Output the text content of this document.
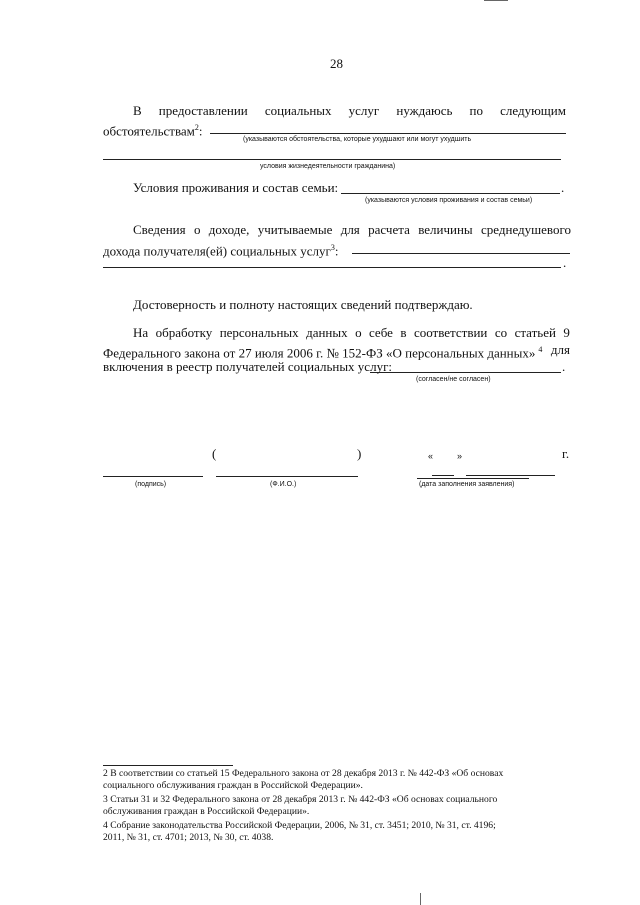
28
В предоставлении социальных услуг нуждаюсь по следующим
обстоятельствам$^2$:
(указываются обстоятельства, которые ухудшают или могут ухудшить
условия жизнедеятельности гражданина)
Условия проживания и состав семьи:	.
(указываются условия проживания и состав семьи)
Сведения о доходе, учитываемые для расчета величины среднедушевого
дохода получателя(ей) социальных услуг$^3$:
.
Достоверность и полноту настоящих сведений подтверждаю.
На обработку персональных данных о себе в соответствии со статьей 9
Федерального закона от 27 июля 2006 г. № 152-ФЗ «О персональных данных» $^4$ для
включения в реестр получателей социальных услуг:	.
(согласен/не согласен)
(	)	«	»	г.
(подпись)	(Ф.И.О.)	(дата заполнения заявления)
2 В соответствии со статьей 15 Федерального закона от 28 декабря 2013 г. № 442-ФЗ «Об основах
социального обслуживания граждан в Российской Федерации».
3 Статьи 31 и 32 Федерального закона от 28 декабря 2013 г. № 442-ФЗ «Об основах социального
обслуживания граждан в Российской Федерации».
4 Собрание законодательства Российской Федерации, 2006, № 31, ст. 3451; 2010, № 31, ст. 4196;
2011, № 31, ст. 4701; 2013, № 30, ст. 4038.
